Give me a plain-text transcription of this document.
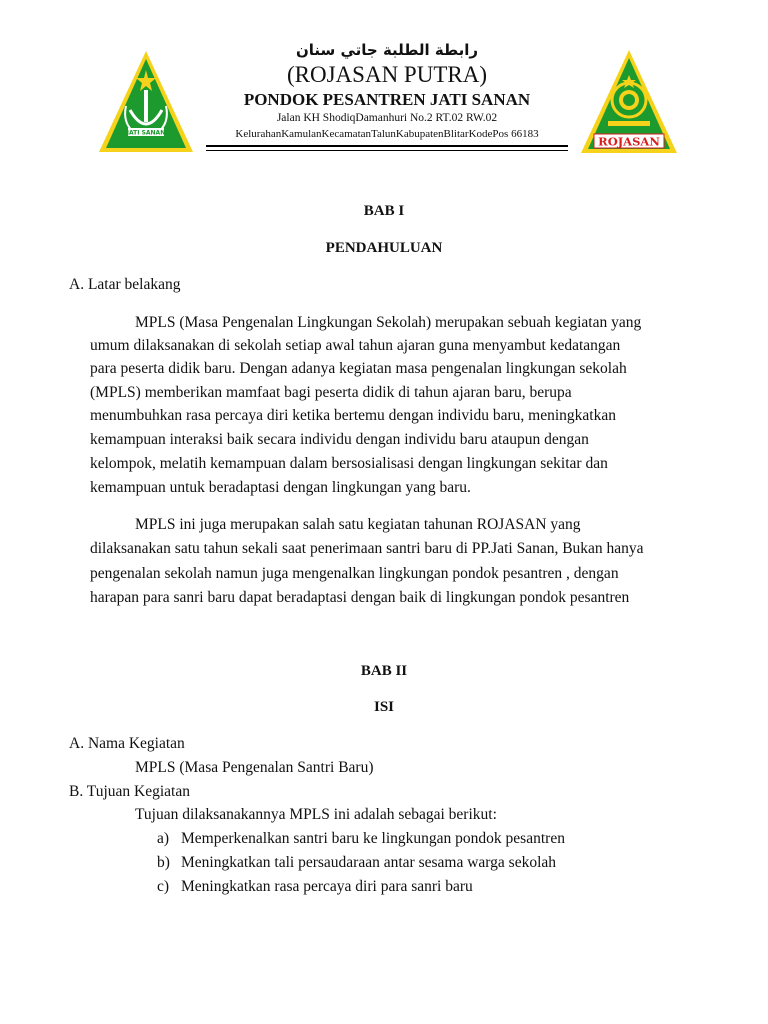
JATI SANAN
رابطة الطلبة جاتي سنان
(ROJASAN PUTRA)
PONDOK PESANTREN JATI SANAN
Jalan KH ShodiqDamanhuri No.2 RT.02 RW.02
KelurahanKamulanKecamatanTalunKabupatenBlitarKodePos 66183
ROJASAN
BAB I
PENDAHULUAN
A. Latar belakang
MPLS (Masa Pengenalan Lingkungan Sekolah) merupakan sebuah kegiatan yang
umum dilaksanakan di sekolah setiap awal tahun ajaran guna menyambut kedatangan
para peserta didik baru. Dengan adanya kegiatan masa pengenalan lingkungan sekolah
(MPLS) memberikan mamfaat bagi peserta didik di tahun ajaran baru, berupa
menumbuhkan rasa percaya diri ketika bertemu dengan individu baru, meningkatkan
kemampuan interaksi baik secara individu dengan individu baru ataupun dengan
kelompok, melatih kemampuan dalam bersosialisasi dengan lingkungan sekitar dan
kemampuan untuk beradaptasi dengan lingkungan yang baru.
MPLS ini juga merupakan salah satu kegiatan tahunan ROJASAN yang
dilaksanakan satu tahun sekali saat penerimaan santri baru di PP.Jati Sanan, Bukan hanya
pengenalan sekolah namun juga mengenalkan lingkungan pondok pesantren , dengan
harapan para sanri baru dapat beradaptasi dengan baik di lingkungan pondok pesantren
BAB II
ISI
A. Nama Kegiatan
MPLS (Masa Pengenalan Santri Baru)
B. Tujuan Kegiatan
Tujuan dilaksanakannya MPLS ini adalah sebagai berikut:
a) Memperkenalkan santri baru ke lingkungan pondok pesantren
b) Meningkatkan tali persaudaraan antar sesama warga sekolah
c) Meningkatkan rasa percaya diri para sanri baru
